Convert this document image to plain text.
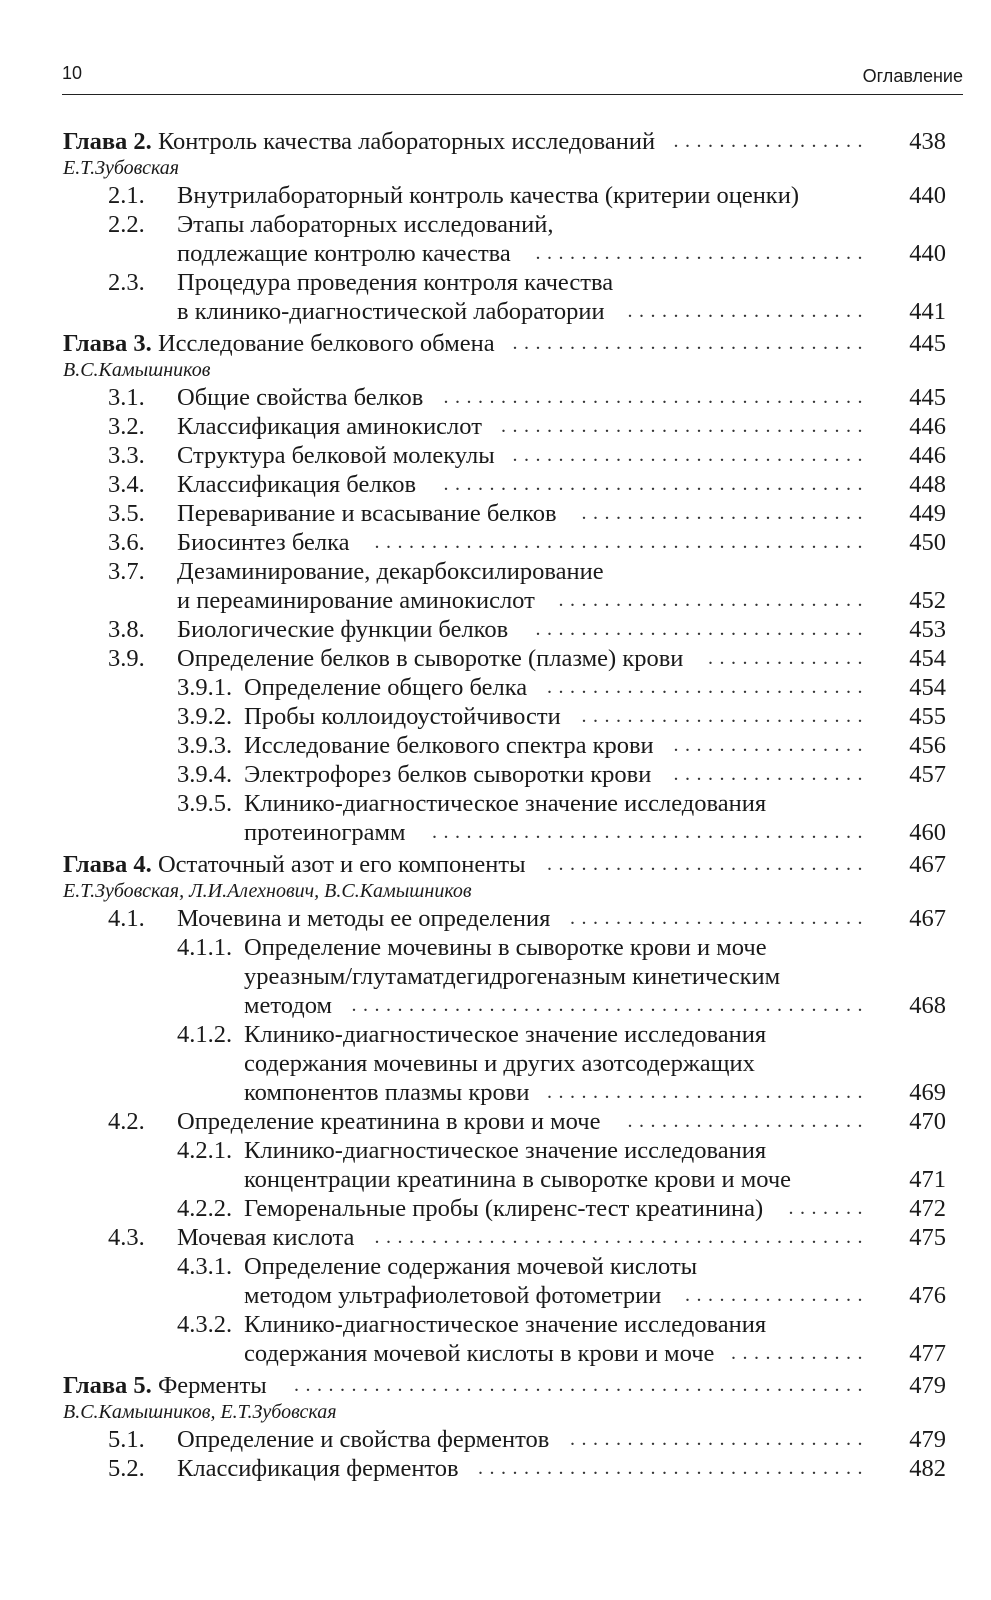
10	Оглавление
Глава 2. Контроль качества лабораторных исследований	438
.................
Е.Т.Зубовская
2.1. Внутрилабораторный контроль качества (критерии оценки)	440
2.2. Этапы лабораторных исследований,
подлежащие контролю качества	440
.............................
2.3. Процедура проведения контроля качества
в клинико-диагностической лаборатории	441
.....................
Глава 3. Исследование белкового обмена	445
...............................
В.С.Камышников
3.1. Общие свойства белков	445
.....................................
3.2. Классификация аминокислот	446
................................
3.3. Структура белковой молекулы	446
...............................
3.4. Классификация белков	448
.....................................
3.5. Переваривание и всасывание белков	449
.........................
3.6. Биосинтез белка	450
...........................................
3.7. Дезаминирование, декарбоксилирование
и переаминирование аминокислот	452
...........................
3.8. Биологические функции белков	453
.............................
3.9. Определение белков в сыворотке (плазме) крови	454
..............
3.9.1. Определение общего белка	454
............................
3.9.2. Пробы коллоидоустойчивости	455
.........................
3.9.3. Исследование белкового спектра крови	456
.................
3.9.4. Электрофорез белков сыворотки крови	457
.................
3.9.5. Клинико-диагностическое значение исследования
протеинограмм	460
......................................
Глава 4. Остаточный азот и его компоненты	467
............................
Е.Т.Зубовская, Л.И.Алехнович, В.С.Камышников
4.1. Мочевина и методы ее определения	467
..........................
4.1.1. Определение мочевины в сыворотке крови и моче
уреазным/глутаматдегидрогеназным кинетическим
методом	468
.............................................
4.1.2. Клинико-диагностическое значение исследования
содержания мочевины и других азотсодержащих
компонентов плазмы крови	469
............................
4.2. Определение креатинина в крови и моче	470
.....................
4.2.1. Клинико-диагностическое значение исследования
концентрации креатинина в сыворотке крови и моче	471
4.2.2. Геморенальные пробы (клиренс-тест креатинина)	472
.......
4.3. Мочевая кислота	475
...........................................
4.3.1. Определение содержания мочевой кислоты
методом ультрафиолетовой фотометрии	476
................
4.3.2. Клинико-диагностическое значение исследования
содержания мочевой кислоты в крови и моче	477
............
Глава 5. Ферменты	479
..................................................
В.С.Камышников, Е.Т.Зубовская
5.1. Определение и свойства ферментов	479
..........................
5.2. Классификация ферментов	482
..................................
